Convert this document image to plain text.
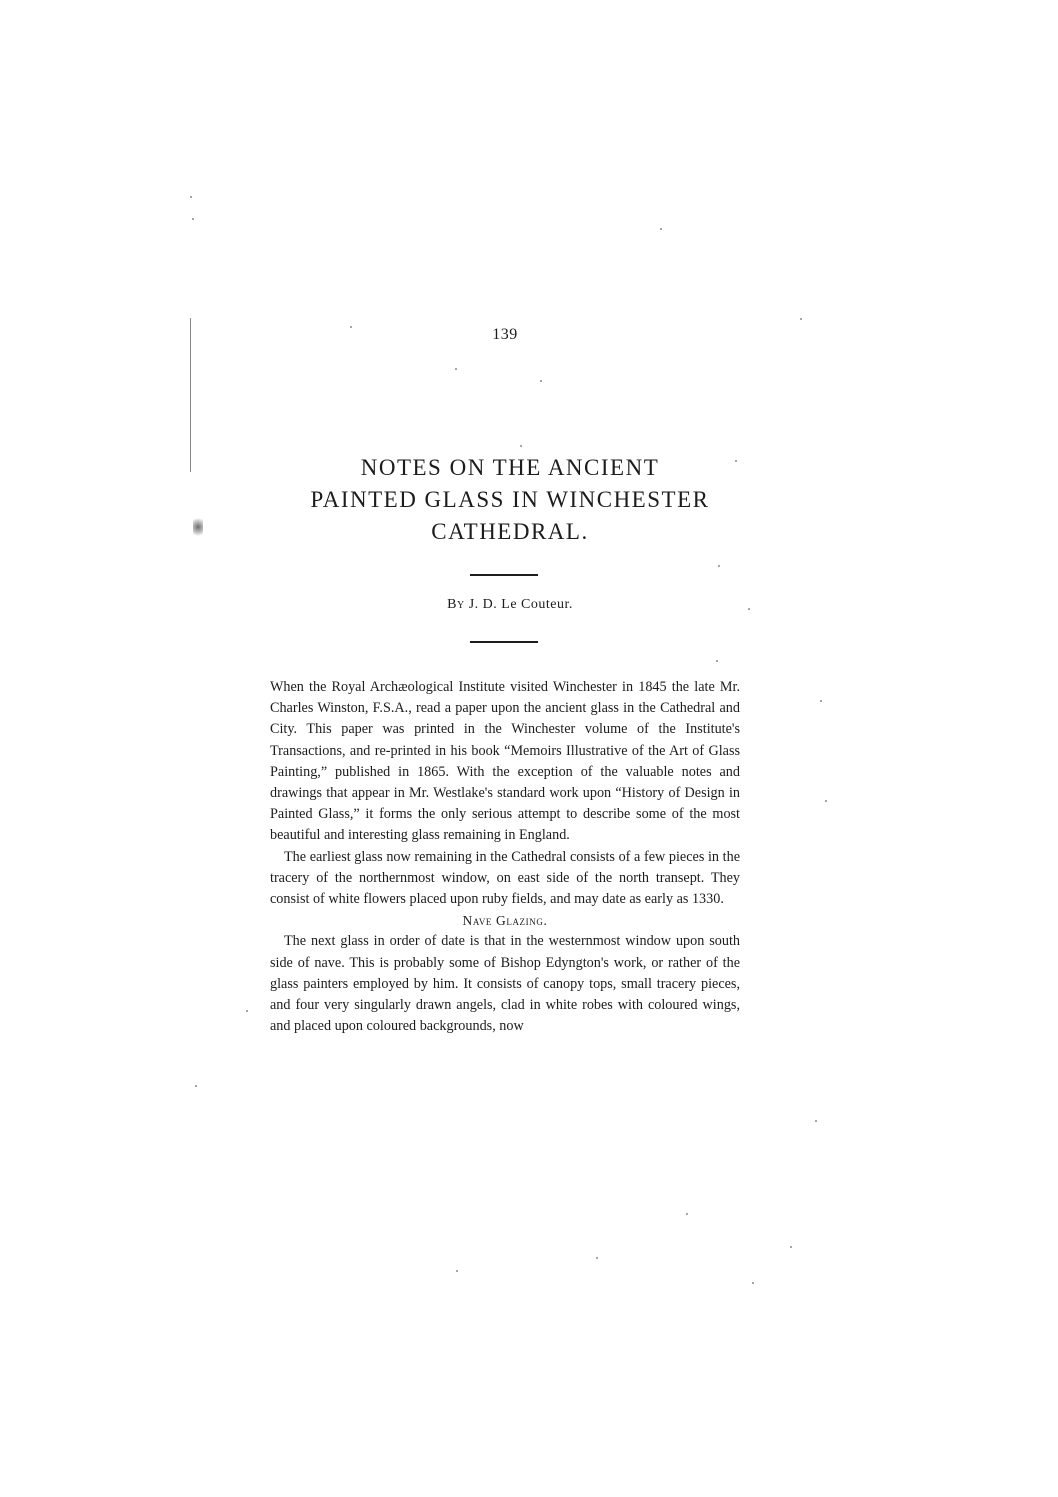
139
NOTES ON THE ANCIENT
PAINTED GLASS IN WINCHESTER
CATHEDRAL.
By J. D. Le Couteur.

When the Royal Archæological Institute visited Winchester in 1845 the late Mr. Charles Winston, F.S.A., read a paper upon the ancient glass in the Cathedral and City. This paper was printed in the Winchester volume of the Institute's Transactions, and re-printed in his book “Memoirs Illustrative of the Art of Glass Painting,” published in 1865. With the exception of the valuable notes and drawings that appear in Mr. Westlake's standard work upon “History of Design in Painted Glass,” it forms the only serious attempt to describe some of the most beautiful and interesting glass remaining in England.

The earliest glass now remaining in the Cathedral consists of a few pieces in the tracery of the northernmost window, on east side of the north transept. They consist of white flowers placed upon ruby fields, and may date as early as 1330.

Nave Glazing.

The next glass in order of date is that in the westernmost window upon south side of nave. This is probably some of Bishop Edyngton's work, or rather of the glass painters employed by him. It consists of canopy tops, small tracery pieces, and four very singularly drawn angels, clad in white robes with coloured wings, and placed upon coloured backgrounds, now
